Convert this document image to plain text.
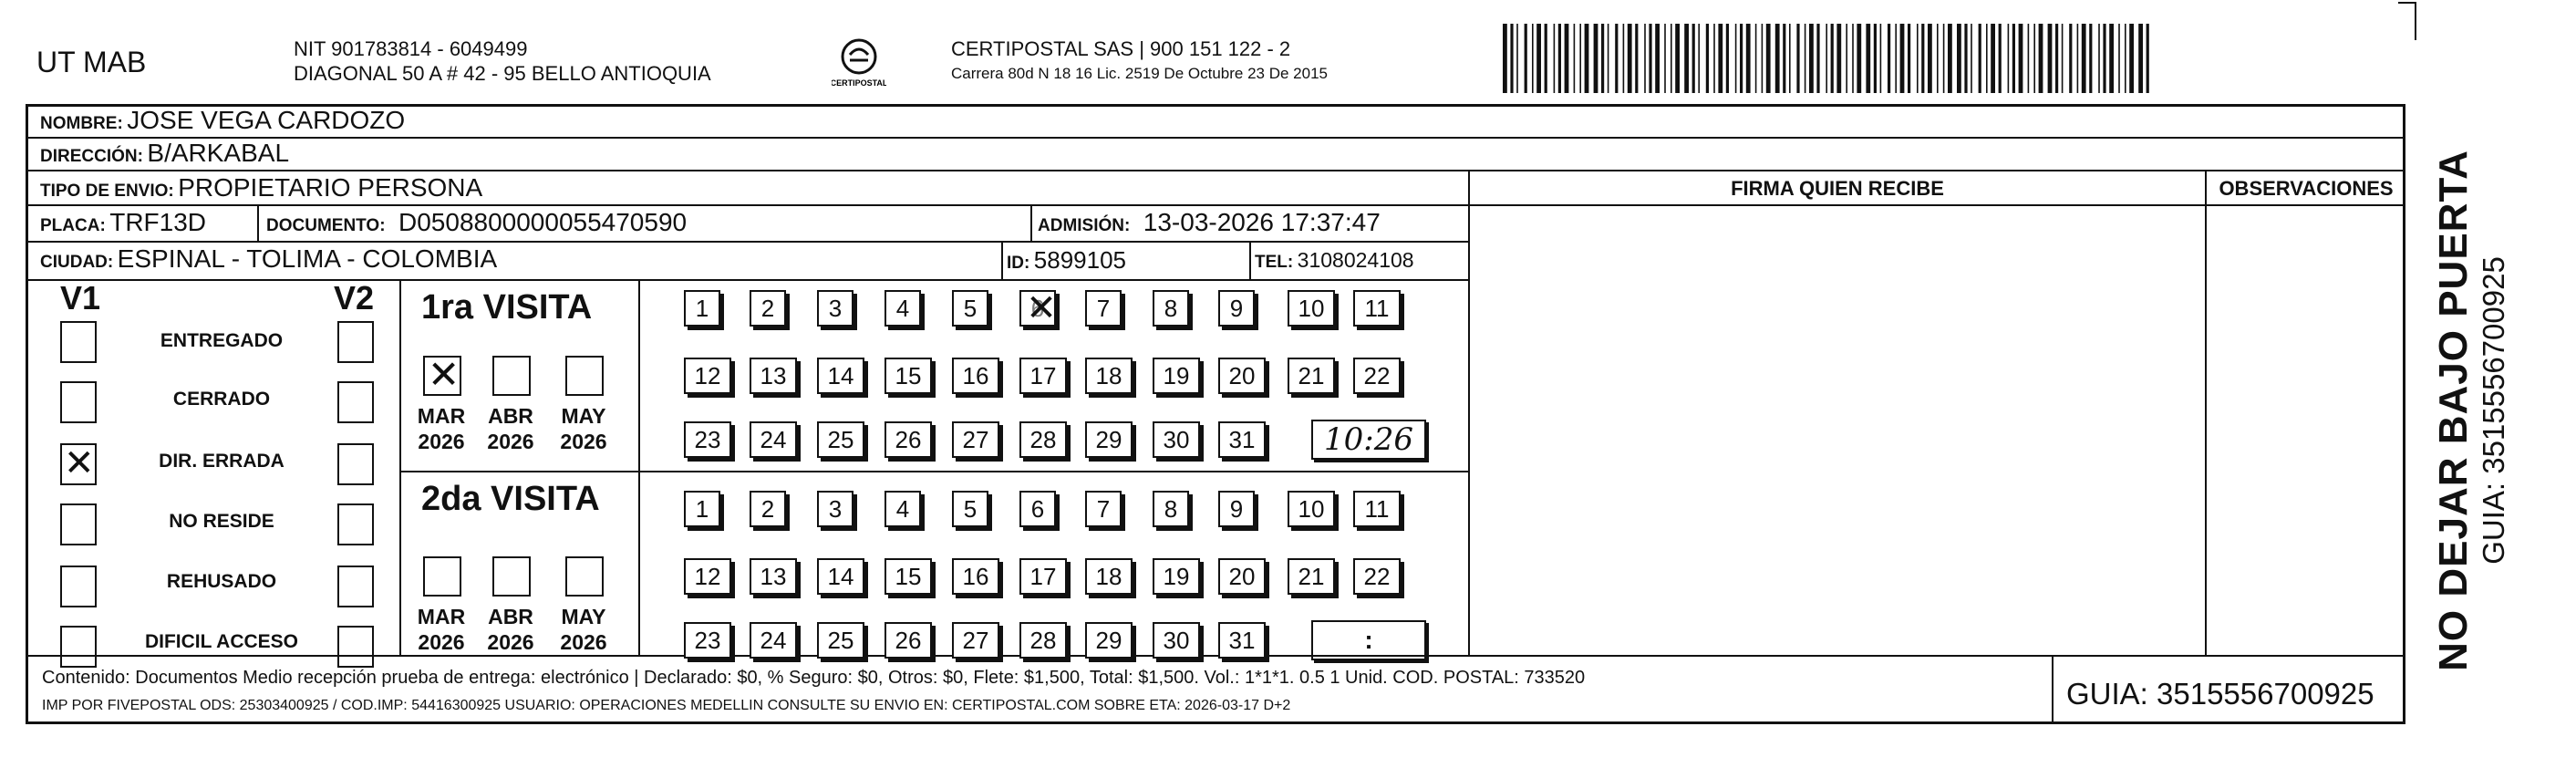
UT MAB	NIT 901783814 - 6049499
DIAGONAL 50 A # 42 - 95 BELLO ANTIOQUIA	CERTIPOSTAL
CERTIPOSTAL SAS | 900 151 122 - 2
Carrera 80d N 18 16 Lic. 2519 De Octubre 23 De 2015
NOMBRE: JOSE VEGA CARDOZO
DIRECCIÓN: B/ARKABAL
TIPO DE ENVIO: PROPIETARIO PERSONA	FIRMA QUIEN RECIBE	OBSERVACIONES
PLACA: TRF13D	DOCUMENTO: D0508800000055470590	ADMISIÓN: 13-03-2026 17:37:47
CIUDAD: ESPINAL - TOLIMA - COLOMBIA	ID: 5899105	TEL: 3108024108
V1	V2
ENTREGADO
CERRADO
✕
DIR. ERRADA
NO RESIDE
REHUSADO
DIFICIL ACCESO
1ra VISITA
2da VISITA
✕
MAR
2026
ABR
2026
MAY
2026
1	2	3	4	5	6 ✕	7	8	9	10	11
12	13	14	15	16	17	18	19	20	21	22
23	24	25	26	27	28	29	30	31	10:26
MAR
2026
ABR
2026
MAY
2026
1	2	3	4	5	6	7	8	9	10	11
12	13	14	15	16	17	18	19	20	21	22
23	24	25	26	27	28	29	30	31	:
Contenido: Documentos Medio recepción prueba de entrega: electrónico | Declarado: $0, % Seguro: $0, Otros: $0, Flete: $1,500, Total: $1,500. Vol.: 1*1*1. 0.5 1 Unid. COD. POSTAL: 733520
IMP POR FIVEPOSTAL ODS: 25303400925 / COD.IMP: 54416300925 USUARIO: OPERACIONES MEDELLIN CONSULTE SU ENVIO EN: CERTIPOSTAL.COM SOBRE ETA: 2026-03-17 D+2	GUIA: 3515556700925
NO DEJAR BAJO PUERTA GUIA: 3515556700925
